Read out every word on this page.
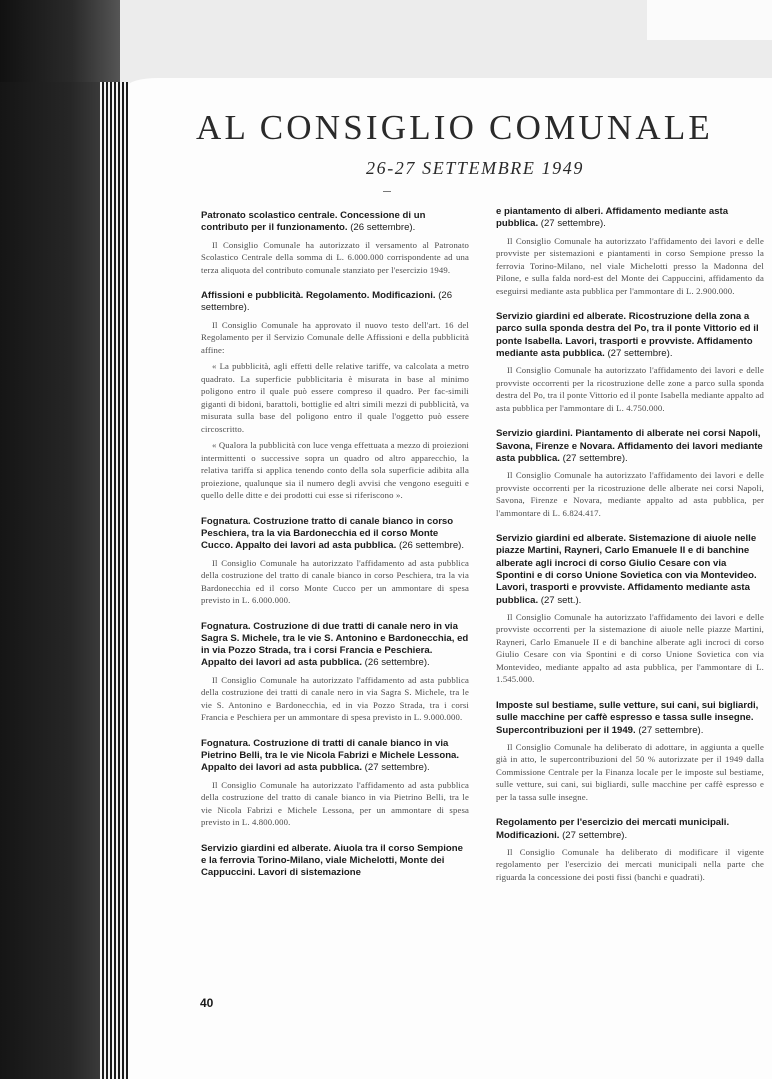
AL CONSIGLIO COMUNALE
26-27 SETTEMBRE 1949
Patronato scolastico centrale. Concessione di un contributo per il funzionamento. (26 settembre).
Il Consiglio Comunale ha autorizzato il versamento al Patronato Scolastico Centrale della somma di L. 6.000.000 corrispondente ad una terza aliquota del contributo comunale stanziato per l'esercizio 1949.
Affissioni e pubblicità. Regolamento. Modificazioni. (26 settembre).
Il Consiglio Comunale ha approvato il nuovo testo dell'art. 16 del Regolamento per il Servizio Comunale delle Affissioni e della pubblicità affine:
« La pubblicità, agli effetti delle relative tariffe, va calcolata a metro quadrato. La superficie pubblicitaria è misurata in base al minimo poligono entro il quale può essere compreso il quadro. Per fac-simili giganti di bidoni, barattoli, bottiglie ed altri simili mezzi di pubblicità, va misurata sulla base del poligono entro il quale l'oggetto può essere circoscritto.
« Qualora la pubblicità con luce venga effettuata a mezzo di proiezioni intermittenti o successive sopra un quadro od altro apparecchio, la relativa tariffa si applica tenendo conto della sola superficie adibita alla proiezione, qualunque sia il numero degli avvisi che vengono eseguiti e quello delle ditte e dei prodotti cui esse si riferiscono ».
Fognatura. Costruzione tratto di canale bianco in corso Peschiera, tra la via Bardonecchia ed il corso Monte Cucco. Appalto dei lavori ad asta pubblica. (26 settembre).
Il Consiglio Comunale ha autorizzato l'affidamento ad asta pubblica della costruzione del tratto di canale bianco in corso Peschiera, tra la via Bardonecchia ed il corso Monte Cucco per un ammontare di spesa previsto in L. 6.000.000.
Fognatura. Costruzione di due tratti di canale nero in via Sagra S. Michele, tra le vie S. Antonino e Bardonecchia, ed in via Pozzo Strada, tra i corsi Francia e Peschiera. Appalto dei lavori ad asta pubblica. (26 settembre).
Il Consiglio Comunale ha autorizzato l'affidamento ad asta pubblica della costruzione dei tratti di canale nero in via Sagra S. Michele, tra le vie S. Antonino e Bardonecchia, ed in via Pozzo Strada, tra i corsi Francia e Peschiera per un ammontare di spesa previsto in L. 9.000.000.
Fognatura. Costruzione di tratti di canale bianco in via Pietrino Belli, tra le vie Nicola Fabrizi e Michele Lessona. Appalto dei lavori ad asta pubblica. (27 settembre).
Il Consiglio Comunale ha autorizzato l'affidamento ad asta pubblica della costruzione del tratto di canale bianco in via Pietrino Belli, tra le vie Nicola Fabrizi e Michele Lessona, per un ammontare di spesa previsto in L. 4.800.000.
Servizio giardini ed alberate. Aiuola tra il corso Sempione e la ferrovia Torino-Milano, viale Michelotti, Monte dei Cappuccini. Lavori di sistemazione
e piantamento di alberi. Affidamento mediante asta pubblica. (27 settembre).
Il Consiglio Comunale ha autorizzato l'affidamento dei lavori e delle provviste per sistemazioni e piantamenti in corso Sempione presso la ferrovia Torino-Milano, nel viale Michelotti presso la Madonna del Pilone, e sulla falda nord-est del Monte dei Cappuccini, affidamento da eseguirsi mediante asta pubblica per l'ammontare di L. 2.900.000.
Servizio giardini ed alberate. Ricostruzione della zona a parco sulla sponda destra del Po, tra il ponte Vittorio ed il ponte Isabella. Lavori, trasporti e provviste. Affidamento mediante asta pubblica. (27 settembre).
Il Consiglio Comunale ha autorizzato l'affidamento dei lavori e delle provviste occorrenti per la ricostruzione delle zone a parco sulla sponda destra del Po, tra il ponte Vittorio ed il ponte Isabella mediante appalto ad asta pubblica per l'ammontare di L. 4.750.000.
Servizio giardini. Piantamento di alberate nei corsi Napoli, Savona, Firenze e Novara. Affidamento dei lavori mediante asta pubblica. (27 settembre).
Il Consiglio Comunale ha autorizzato l'affidamento dei lavori e delle provviste occorrenti per la ricostruzione delle alberate nei corsi Napoli, Savona, Firenze e Novara, mediante appalto ad asta pubblica, per l'ammontare di L. 6.824.417.
Servizio giardini ed alberate. Sistemazione di aiuole nelle piazze Martini, Rayneri, Carlo Emanuele II e di banchine alberate agli incroci di corso Giulio Cesare con via Spontini e di corso Unione Sovietica con via Montevideo. Lavori, trasporti e provviste. Affidamento mediante asta pubblica. (27 sett.).
Il Consiglio Comunale ha autorizzato l'affidamento dei lavori e delle provviste occorrenti per la sistemazione di aiuole nelle piazze Martini, Rayneri, Carlo Emanuele II e di banchine alberate agli incroci di corso Giulio Cesare con via Spontini e di corso Unione Sovietica con via Montevideo, mediante appalto ad asta pubblica, per l'ammontare di L. 1.545.000.
Imposte sul bestiame, sulle vetture, sui cani, sui bigliardi, sulle macchine per caffè espresso e tassa sulle insegne. Supercontribuzioni per il 1949. (27 settembre).
Il Consiglio Comunale ha deliberato di adottare, in aggiunta a quelle già in atto, le supercontribuzioni del 50 % autorizzate per il 1949 dalla Commissione Centrale per la Finanza locale per le imposte sul bestiame, sulle vetture, sui cani, sui bigliardi, sulle macchine per caffè espresso e per la tassa sulle insegne.
Regolamento per l'esercizio dei mercati municipali. Modificazioni. (27 settembre).
Il Consiglio Comunale ha deliberato di modificare il vigente regolamento per l'esercizio dei mercati municipali nella parte che riguarda la concessione dei posti fissi (banchi e quadrati).
40
